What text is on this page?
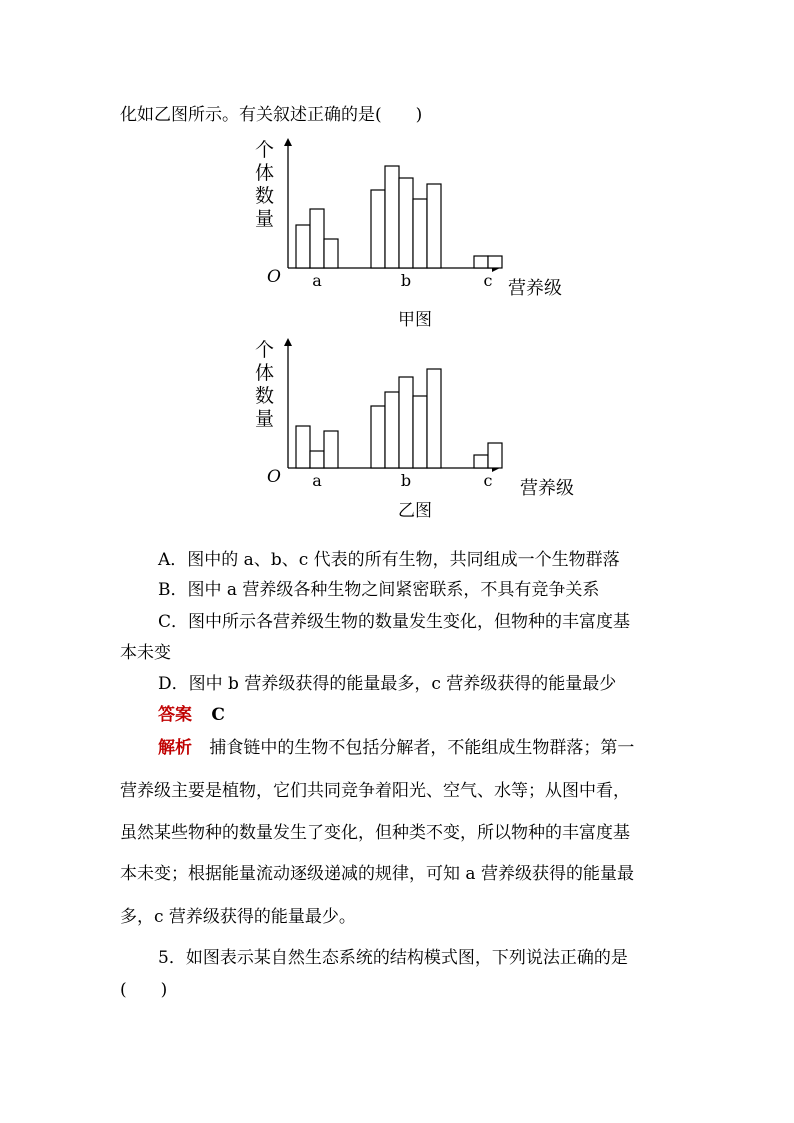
化如乙图所示。有关叙述正确的是(　　)
个
体
数
量
O
营养级
a	b	c
甲图
个
体
数
量
O
营养级
a	b	c
乙图
A．图中的 a、b、c 代表的所有生物，共同组成一个生物群落
B．图中 a 营养级各种生物之间紧密联系，不具有竞争关系
C．图中所示各营养级生物的数量发生变化，但物种的丰富度基
本未变
D．图中 b 营养级获得的能量最多，c 营养级获得的能量最少
答案 C
解析 捕食链中的生物不包括分解者，不能组成生物群落；第一
营养级主要是植物，它们共同竞争着阳光、空气、水等；从图中看，
虽然某些物种的数量发生了变化，但种类不变，所以物种的丰富度基
本未变；根据能量流动逐级递减的规律，可知 a 营养级获得的能量最
多，c 营养级获得的能量最少。
5．如图表示某自然生态系统的结构模式图，下列说法正确的是
(　　)
